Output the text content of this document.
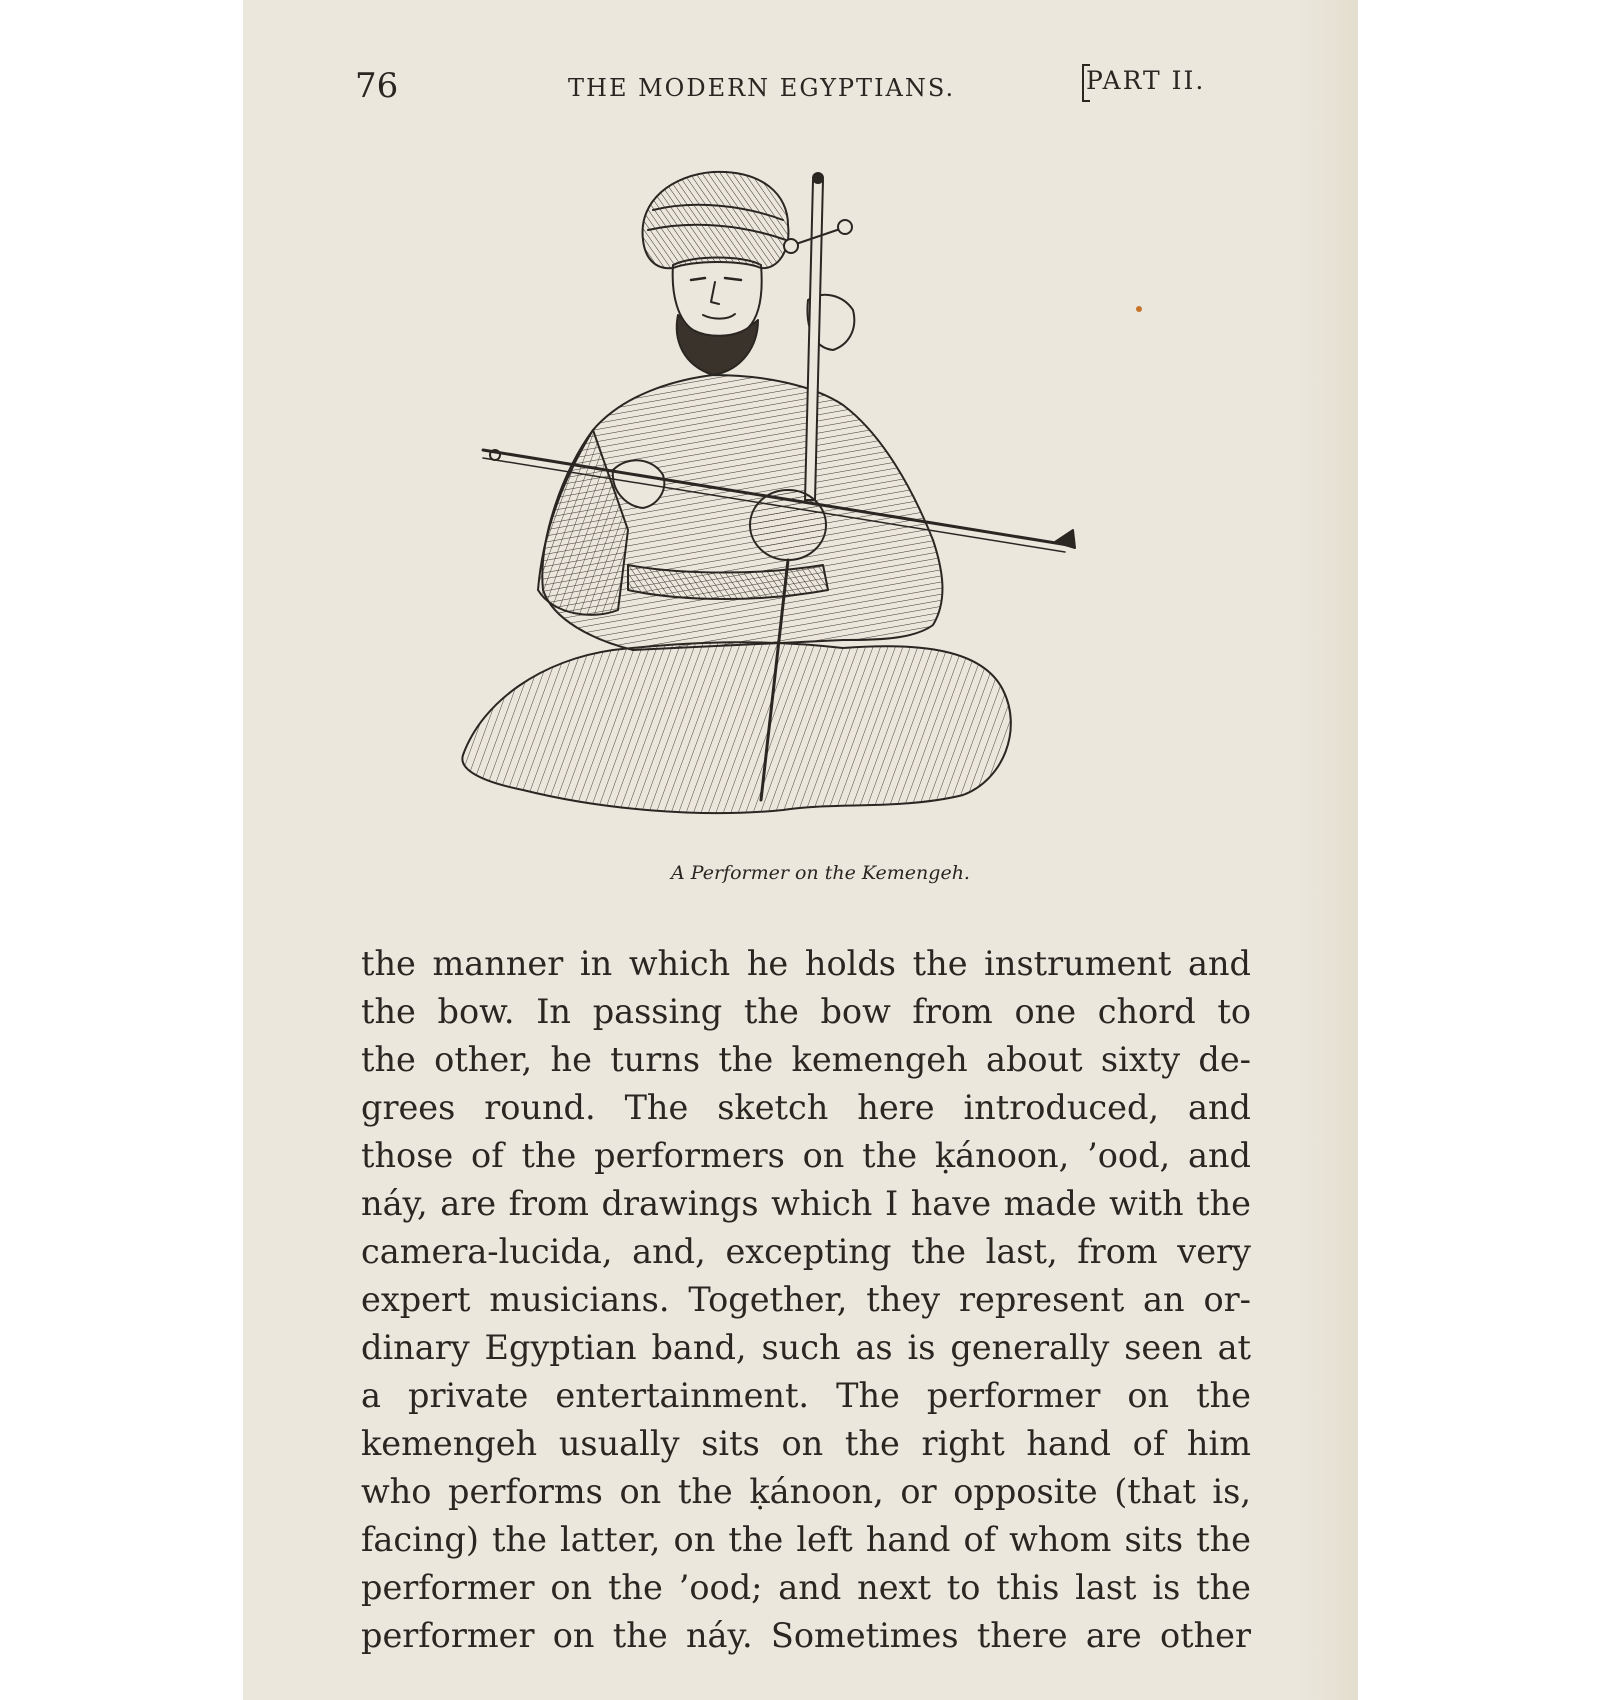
76	THE MODERN EGYPTIANS.	PART II.
A Performer on the Kemengeh.
the manner in which he holds the instrument and
the bow. In passing the bow from one chord to
the other, he turns the kemengeh about sixty de-
grees round. The sketch here introduced, and
those of the performers on the ḳánoon, ’ood, and
náy, are from drawings which I have made with the
camera-lucida, and, excepting the last, from very
expert musicians. Together, they represent an or-
dinary Egyptian band, such as is generally seen at
a private entertainment. The performer on the
kemengeh usually sits on the right hand of him
who performs on the ḳánoon, or opposite (that is,
facing) the latter, on the left hand of whom sits the
performer on the ’ood; and next to this last is the
performer on the náy. Sometimes there are other
